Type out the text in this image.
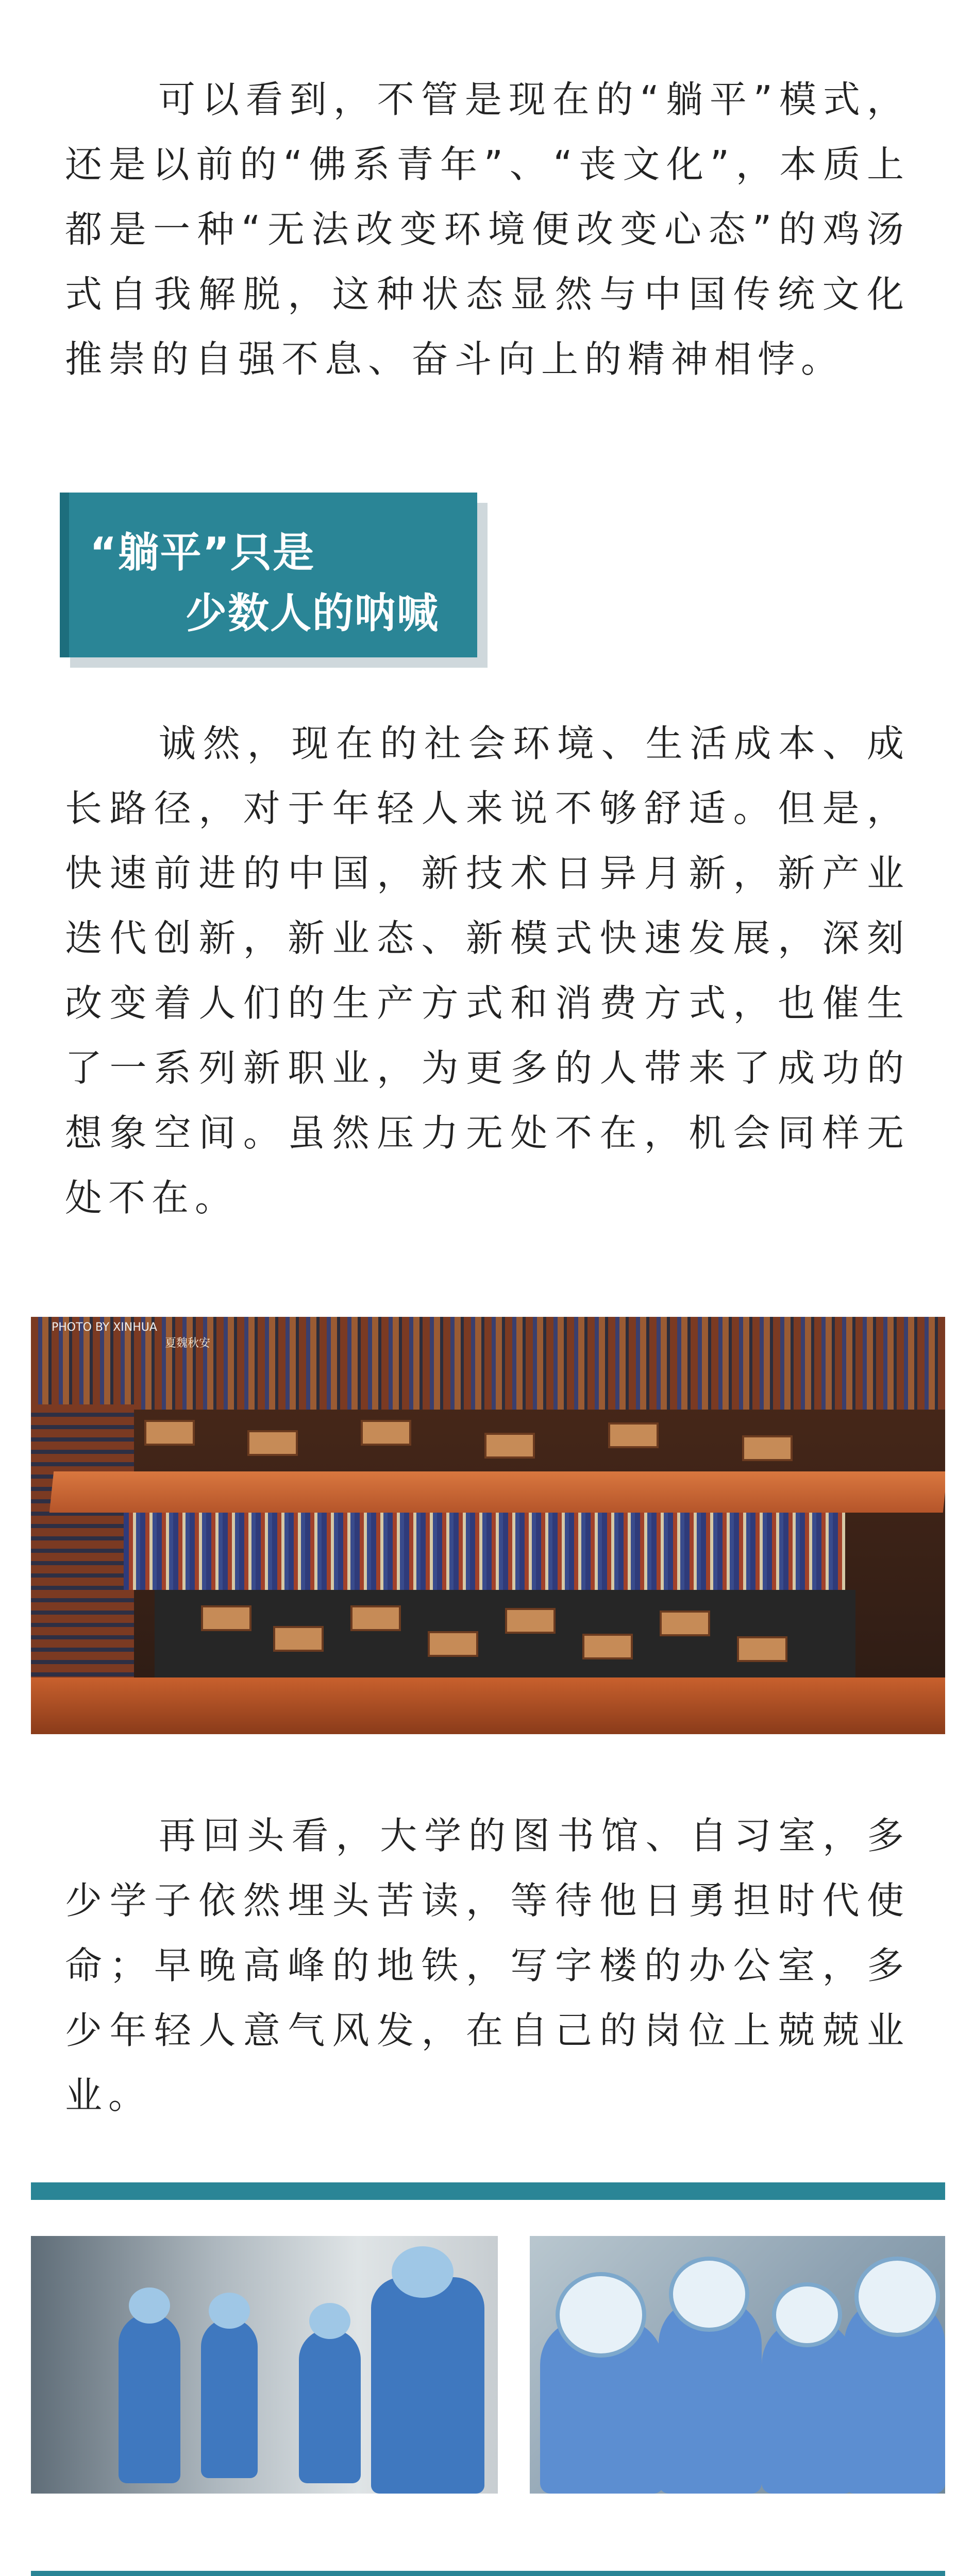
可以看到，不管是现在的“躺平”模式，还是以前的“佛系青年”、“丧文化”，本质上都是一种“无法改变环境便改变心态”的鸡汤式自我解脱，这种状态显然与中国传统文化推崇的自强不息、奋斗向上的精神相悖。

“躺平”只是
少数人的呐喊

诚然，现在的社会环境、生活成本、成长路径，对于年轻人来说不够舒适。但是，快速前进的中国，新技术日异月新，新产业迭代创新，新业态、新模式快速发展，深刻改变着人们的生产方式和消费方式，也催生了一系列新职业，为更多的人带来了成功的想象空间。虽然压力无处不在，机会同样无处不在。

PHOTO BY XINHUA
夏魏秋安

再回头看，大学的图书馆、自习室，多少学子依然埋头苦读，等待他日勇担时代使命；早晚高峰的地铁，写字楼的办公室，多少年轻人意气风发，在自己的岗位上兢兢业业。
